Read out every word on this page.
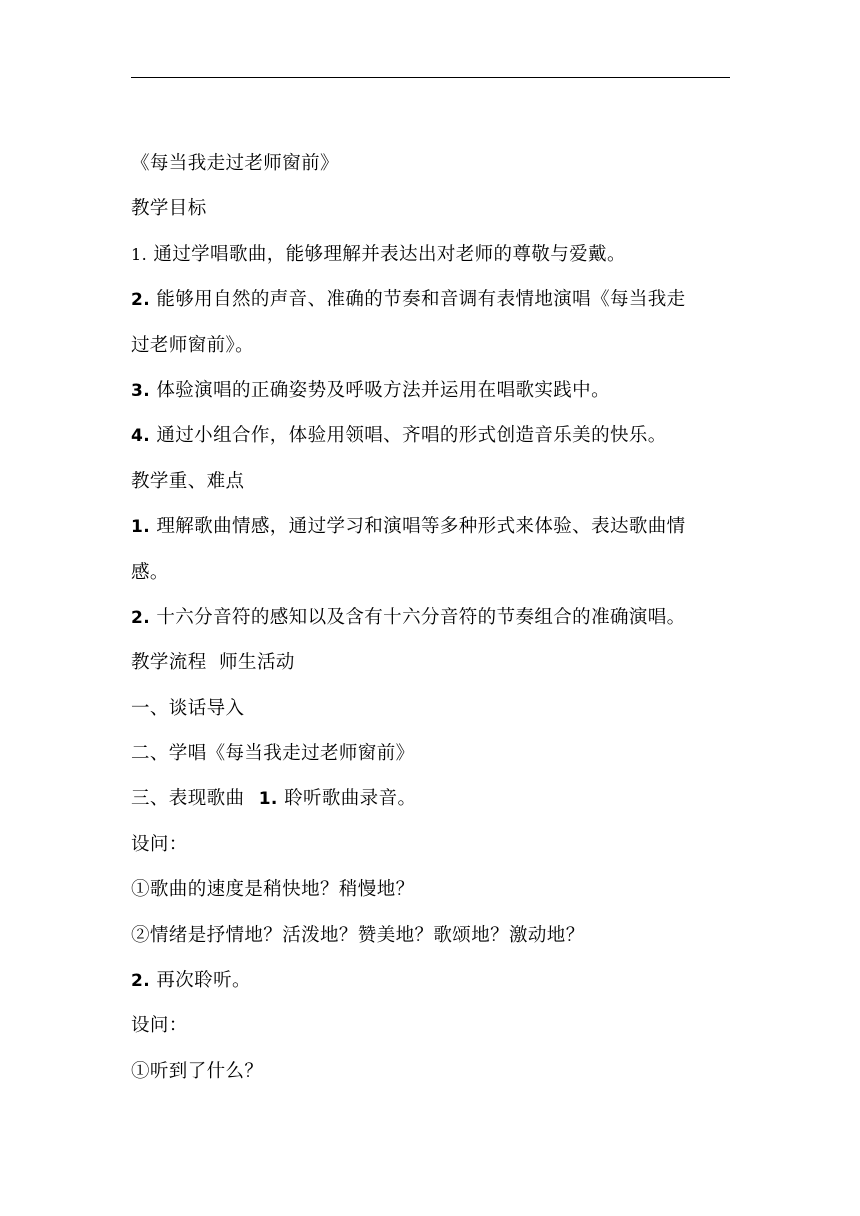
《每当我走过老师窗前》
教学目标
1. 通过学唱歌曲，能够理解并表达出对老师的尊敬与爱戴。
2. 能够用自然的声音、准确的节奏和音调有表情地演唱《每当我走
过老师窗前》。
3. 体验演唱的正确姿势及呼吸方法并运用在唱歌实践中。
4. 通过小组合作，体验用领唱、齐唱的形式创造音乐美的快乐。
教学重、难点
1. 理解歌曲情感，通过学习和演唱等多种形式来体验、表达歌曲情
感。
2. 十六分音符的感知以及含有十六分音符的节奏组合的准确演唱。
教学流程  师生活动
一、谈话导入
二、学唱《每当我走过老师窗前》
三、表现歌曲 1. 聆听歌曲录音。
设问：
①歌曲的速度是稍快地？稍慢地？
②情绪是抒情地？活泼地？赞美地？歌颂地？激动地？
2. 再次聆听。
设问：
①听到了什么？
